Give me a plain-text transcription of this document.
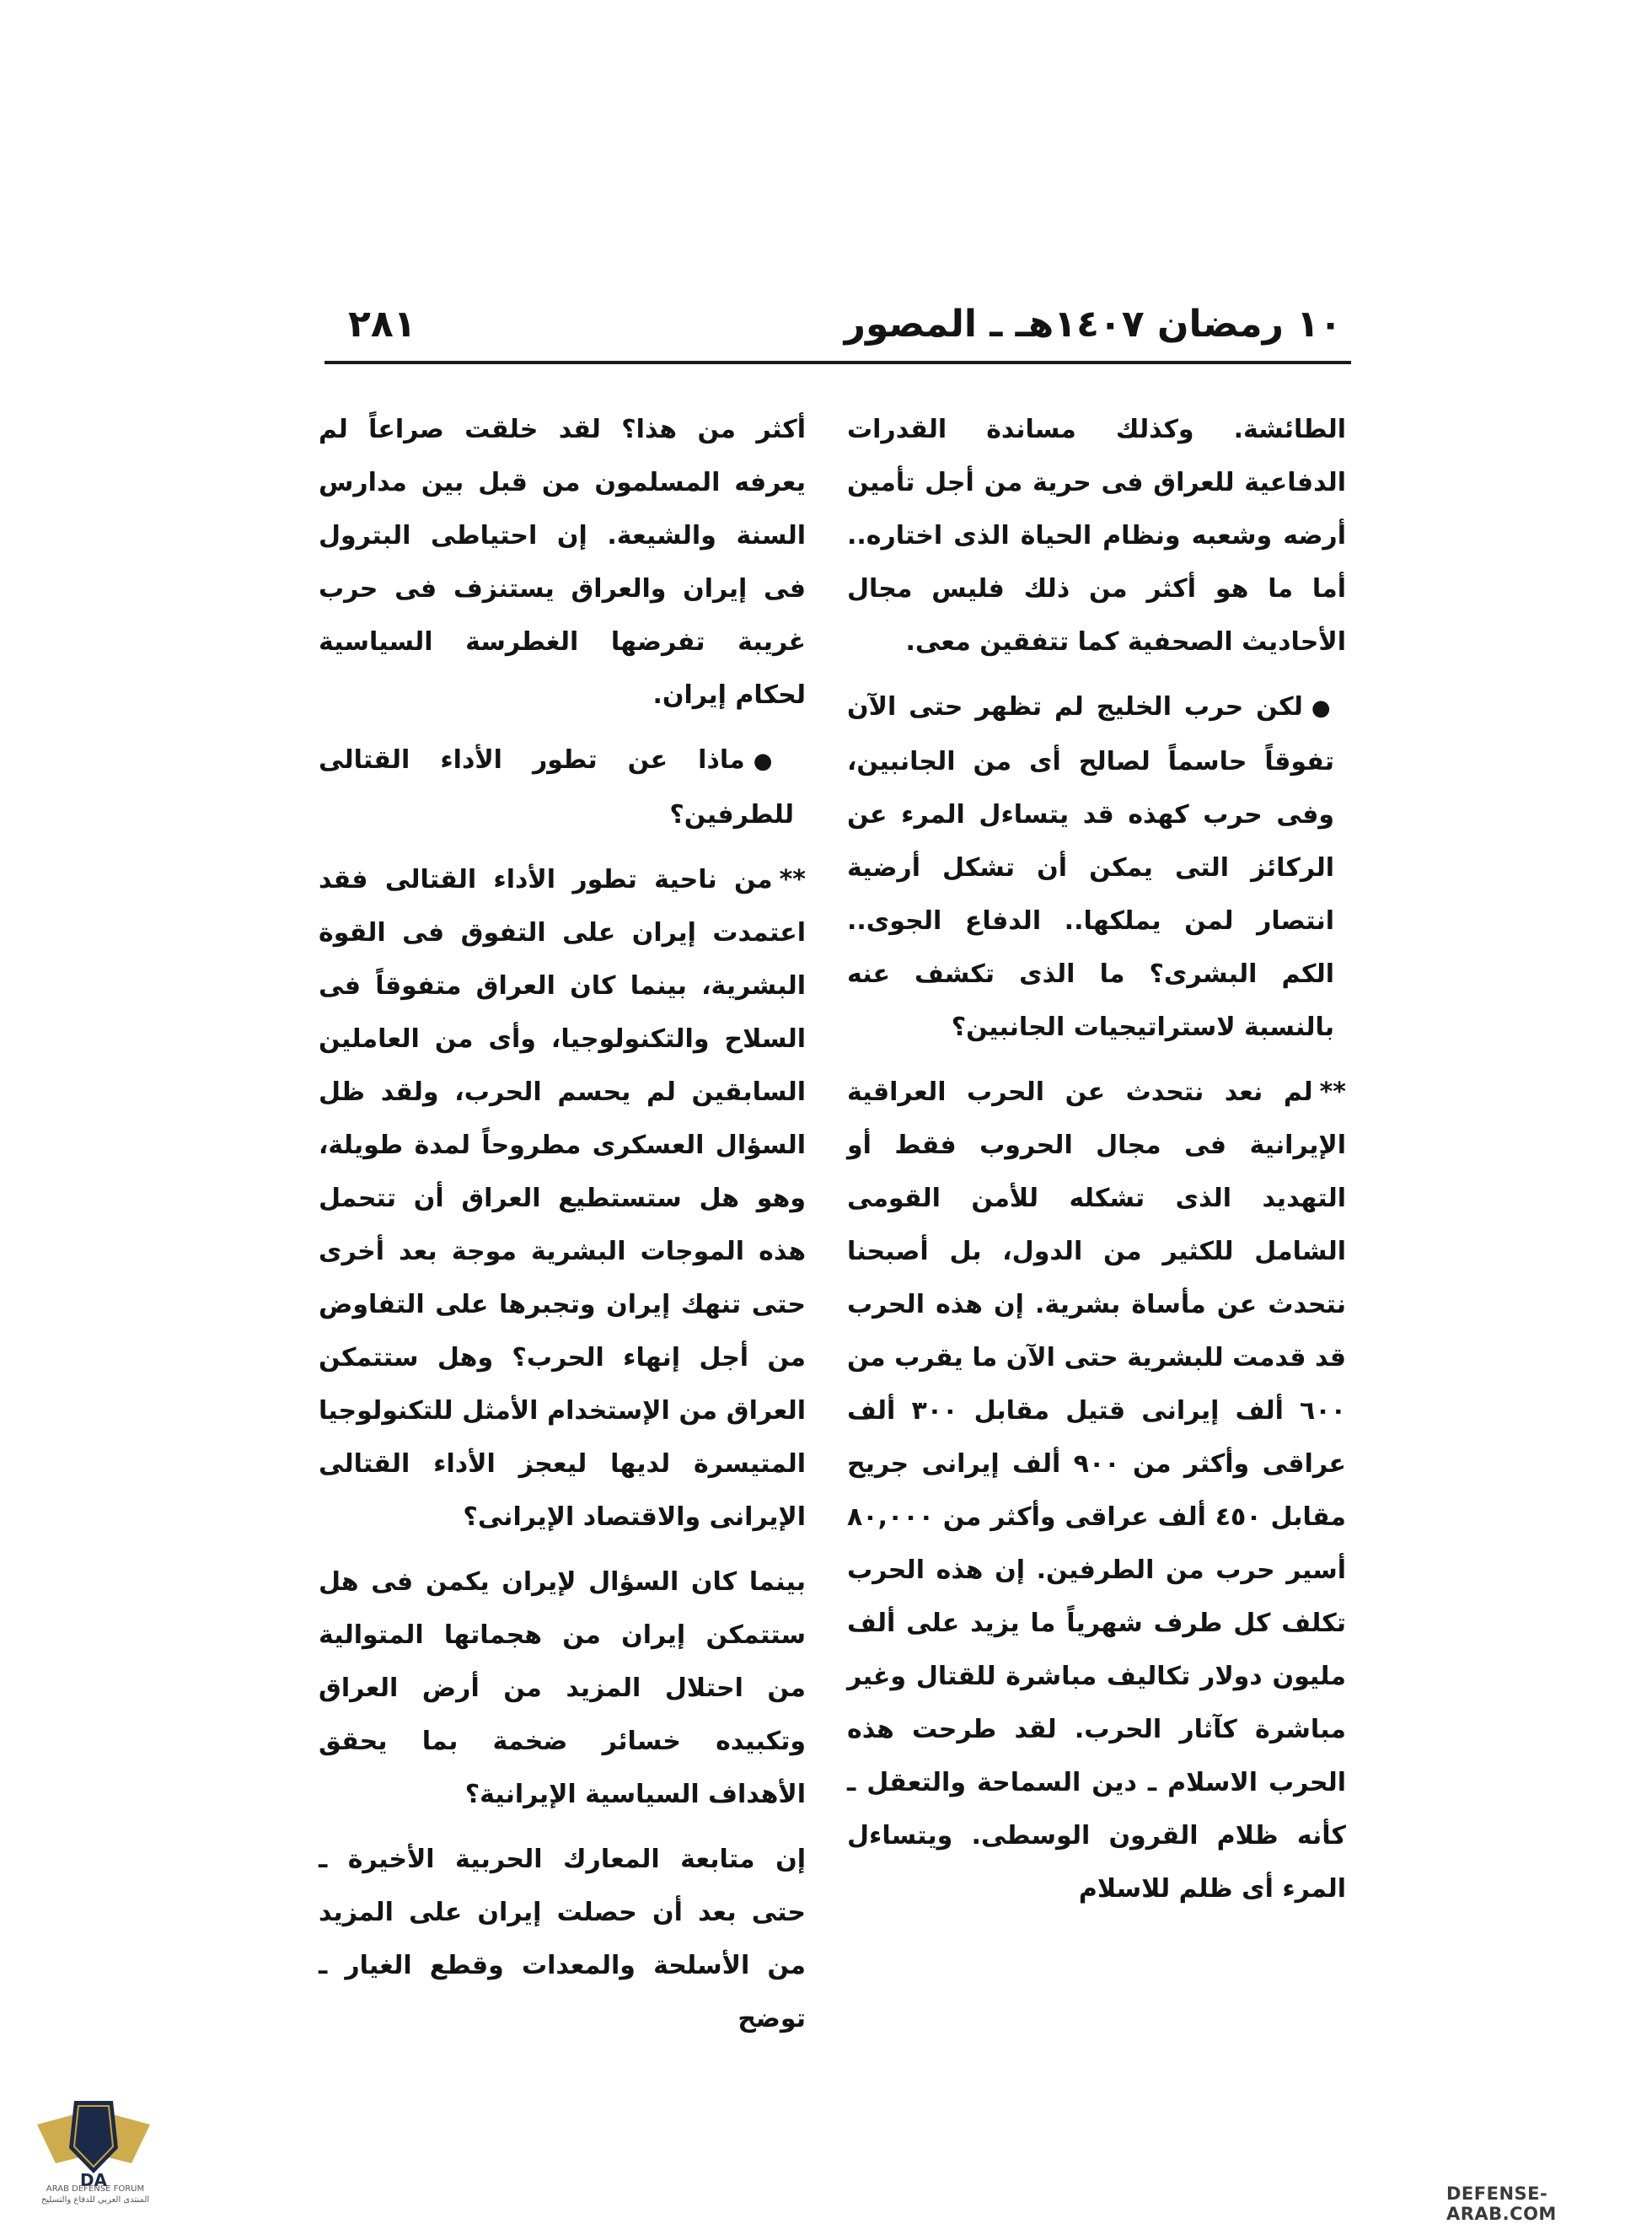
١٠ رمضان ١٤٠٧هـ ـ المصور
٢٨١

الطائشة. وكذلك مساندة القدرات الدفاعية للعراق فى حرية من أجل تأمين أرضه وشعبه ونظام الحياة الذى اختاره.. أما ما هو أكثر من ذلك فليس مجال الأحاديث الصحفية كما تتفقين معى.

●لكن حرب الخليج لم تظهر حتى الآن تفوقاً حاسماً لصالح أى من الجانبين، وفى حرب كهذه قد يتساءل المرء عن الركائز التى يمكن أن تشكل أرضية انتصار لمن يملكها.. الدفاع الجوى.. الكم البشرى؟ ما الذى تكشف عنه بالنسبة لاستراتيجيات الجانبين؟

**لم نعد نتحدث عن الحرب العراقية الإيرانية فى مجال الحروب فقط أو التهديد الذى تشكله للأمن القومى الشامل للكثير من الدول، بل أصبحنا نتحدث عن مأساة بشرية. إن هذه الحرب قد قدمت للبشرية حتى الآن ما يقرب من ٦٠٠ ألف إيرانى قتيل مقابل ٣٠٠ ألف عراقى وأكثر من ٩٠٠ ألف إيرانى جريح مقابل ٤٥٠ ألف عراقى وأكثر من ٨٠,٠٠٠ أسير حرب من الطرفين. إن هذه الحرب تكلف كل طرف شهرياً ما يزيد على ألف مليون دولار تكاليف مباشرة للقتال وغير مباشرة كآثار الحرب. لقد طرحت هذه الحرب الاسلام ـ دين السماحة والتعقل ـ كأنه ظلام القرون الوسطى. ويتساءل المرء أى ظلم للاسلام

أكثر من هذا؟ لقد خلقت صراعاً لم يعرفه المسلمون من قبل بين مدارس السنة والشيعة. إن احتياطى البترول فى إيران والعراق يستنزف فى حرب غريبة تفرضها الغطرسة السياسية لحكام إيران.

●ماذا عن تطور الأداء القتالى للطرفين؟

**من ناحية تطور الأداء القتالى فقد اعتمدت إيران على التفوق فى القوة البشرية، بينما كان العراق متفوقاً فى السلاح والتكنولوجيا، وأى من العاملين السابقين لم يحسم الحرب، ولقد ظل السؤال العسكرى مطروحاً لمدة طويلة، وهو هل ستستطيع العراق أن تتحمل هذه الموجات البشرية موجة بعد أخرى حتى تنهك إيران وتجبرها على التفاوض من أجل إنهاء الحرب؟ وهل ستتمكن العراق من الإستخدام الأمثل للتكنولوجيا المتيسرة لديها ليعجز الأداء القتالى الإيرانى والاقتصاد الإيرانى؟

بينما كان السؤال لإيران يكمن فى هل ستتمكن إيران من هجماتها المتوالية من احتلال المزيد من أرض العراق وتكبيده خسائر ضخمة بما يحقق الأهداف السياسية الإيرانية؟

إن متابعة المعارك الحربية الأخيرة ـ حتى بعد أن حصلت إيران على المزيد من الأسلحة والمعدات وقطع الغيار ـ توضح

DA
ARAB DEFENSE FORUM
المنتدى العربي للدفاع والتسليح	DEFENSE-ARAB.COM
